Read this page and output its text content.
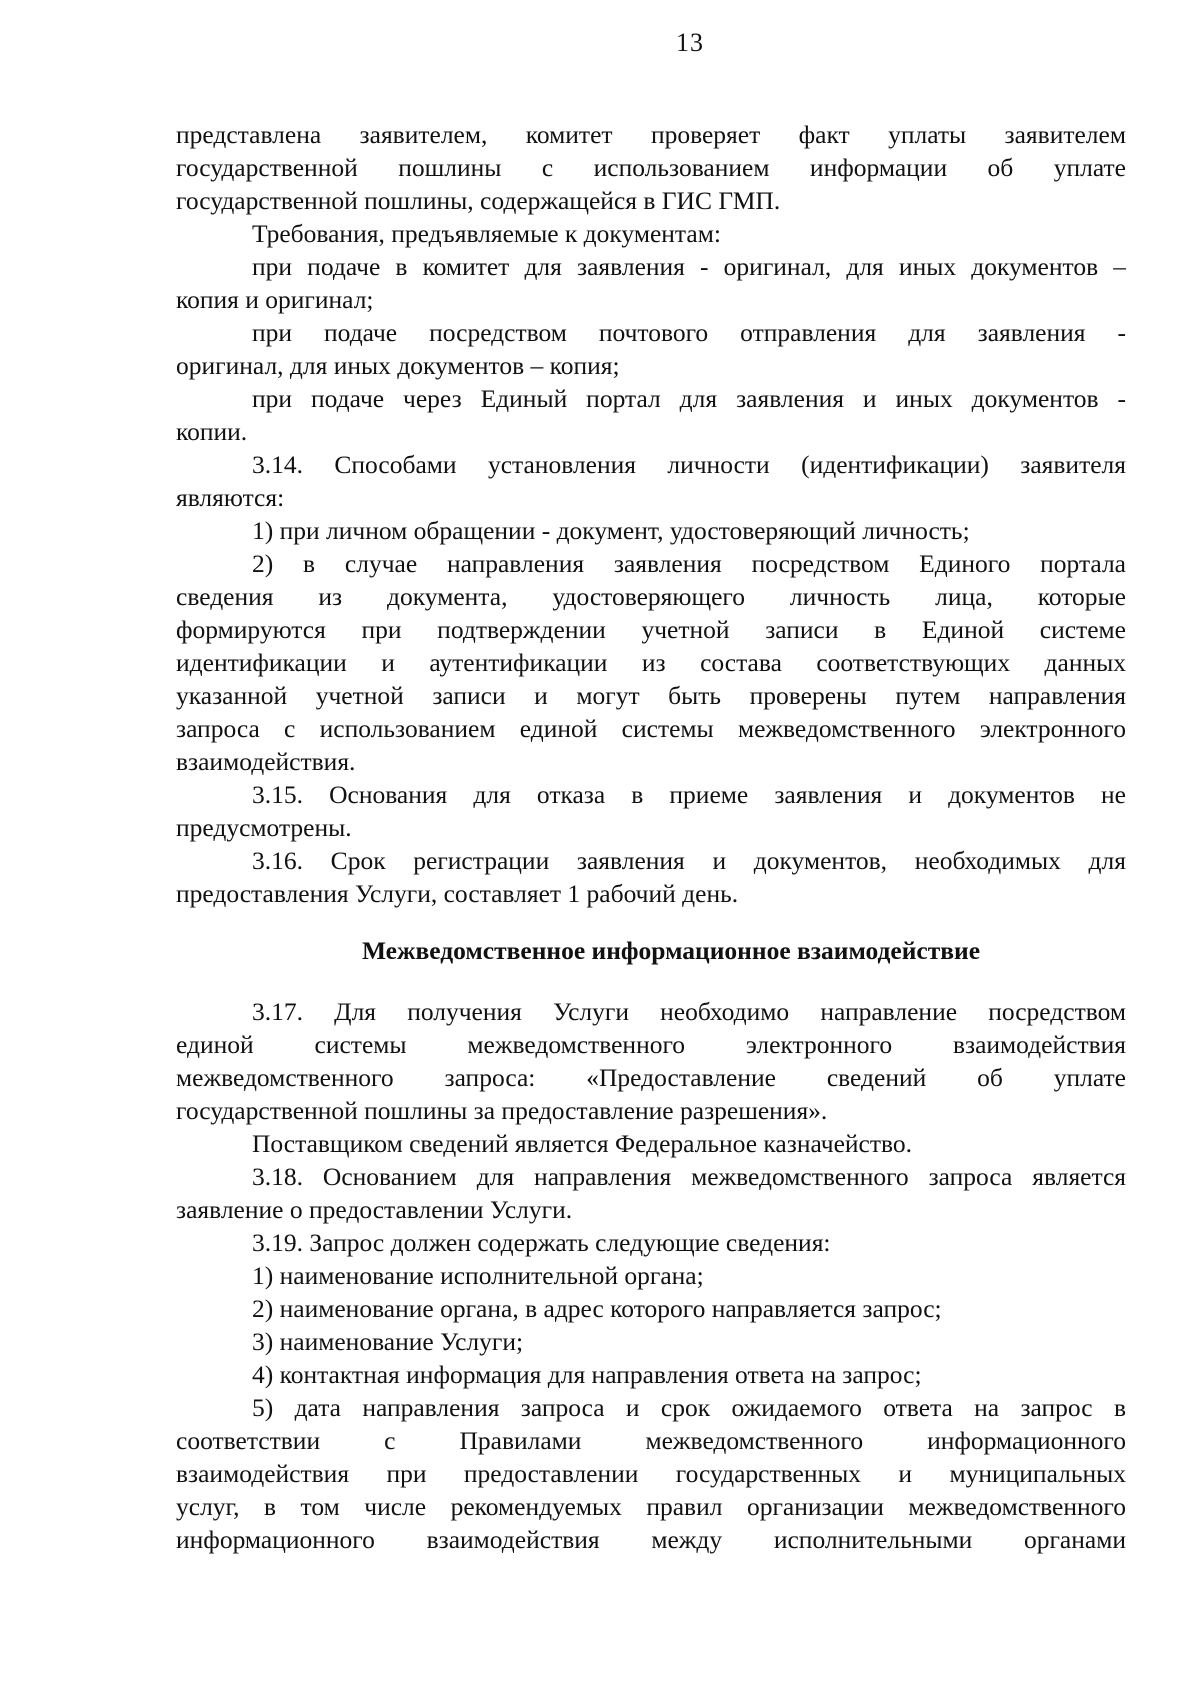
13
представлена заявителем, комитет проверяет факт уплаты заявителем
государственной пошлины с использованием информации об уплате
государственной пошлины, содержащейся в ГИС ГМП.
Требования, предъявляемые к документам:
при подаче в комитет для заявления - оригинал, для иных документов –
копия и оригинал;
при подаче посредством почтового отправления для заявления -
оригинал, для иных документов – копия;
при подаче через Единый портал для заявления и иных документов -
копии.
3.14. Способами установления личности (идентификации) заявителя
являются:
1) при личном обращении - документ, удостоверяющий личность;
2) в случае направления заявления посредством Единого портала
сведения из документа, удостоверяющего личность лица, которые
формируются при подтверждении учетной записи в Единой системе
идентификации и аутентификации из состава соответствующих данных
указанной учетной записи и могут быть проверены путем направления
запроса с использованием единой системы межведомственного электронного
взаимодействия.
3.15. Основания для отказа в приеме заявления и документов не
предусмотрены.
3.16. Срок регистрации заявления и документов, необходимых для
предоставления Услуги, составляет 1 рабочий день.
Межведомственное информационное взаимодействие
3.17. Для получения Услуги необходимо направление посредством
единой системы межведомственного электронного взаимодействия
межведомственного запроса: «Предоставление сведений об уплате
государственной пошлины за предоставление разрешения».
Поставщиком сведений является Федеральное казначейство.
3.18. Основанием для направления межведомственного запроса является
заявление о предоставлении Услуги.
3.19. Запрос должен содержать следующие сведения:
1) наименование исполнительной органа;
2) наименование органа, в адрес которого направляется запрос;
3) наименование Услуги;
4) контактная информация для направления ответа на запрос;
5) дата направления запроса и срок ожидаемого ответа на запрос в
соответствии с Правилами межведомственного информационного
взаимодействия при предоставлении государственных и муниципальных
услуг, в том числе рекомендуемых правил организации межведомственного
информационного взаимодействия между исполнительными органами
